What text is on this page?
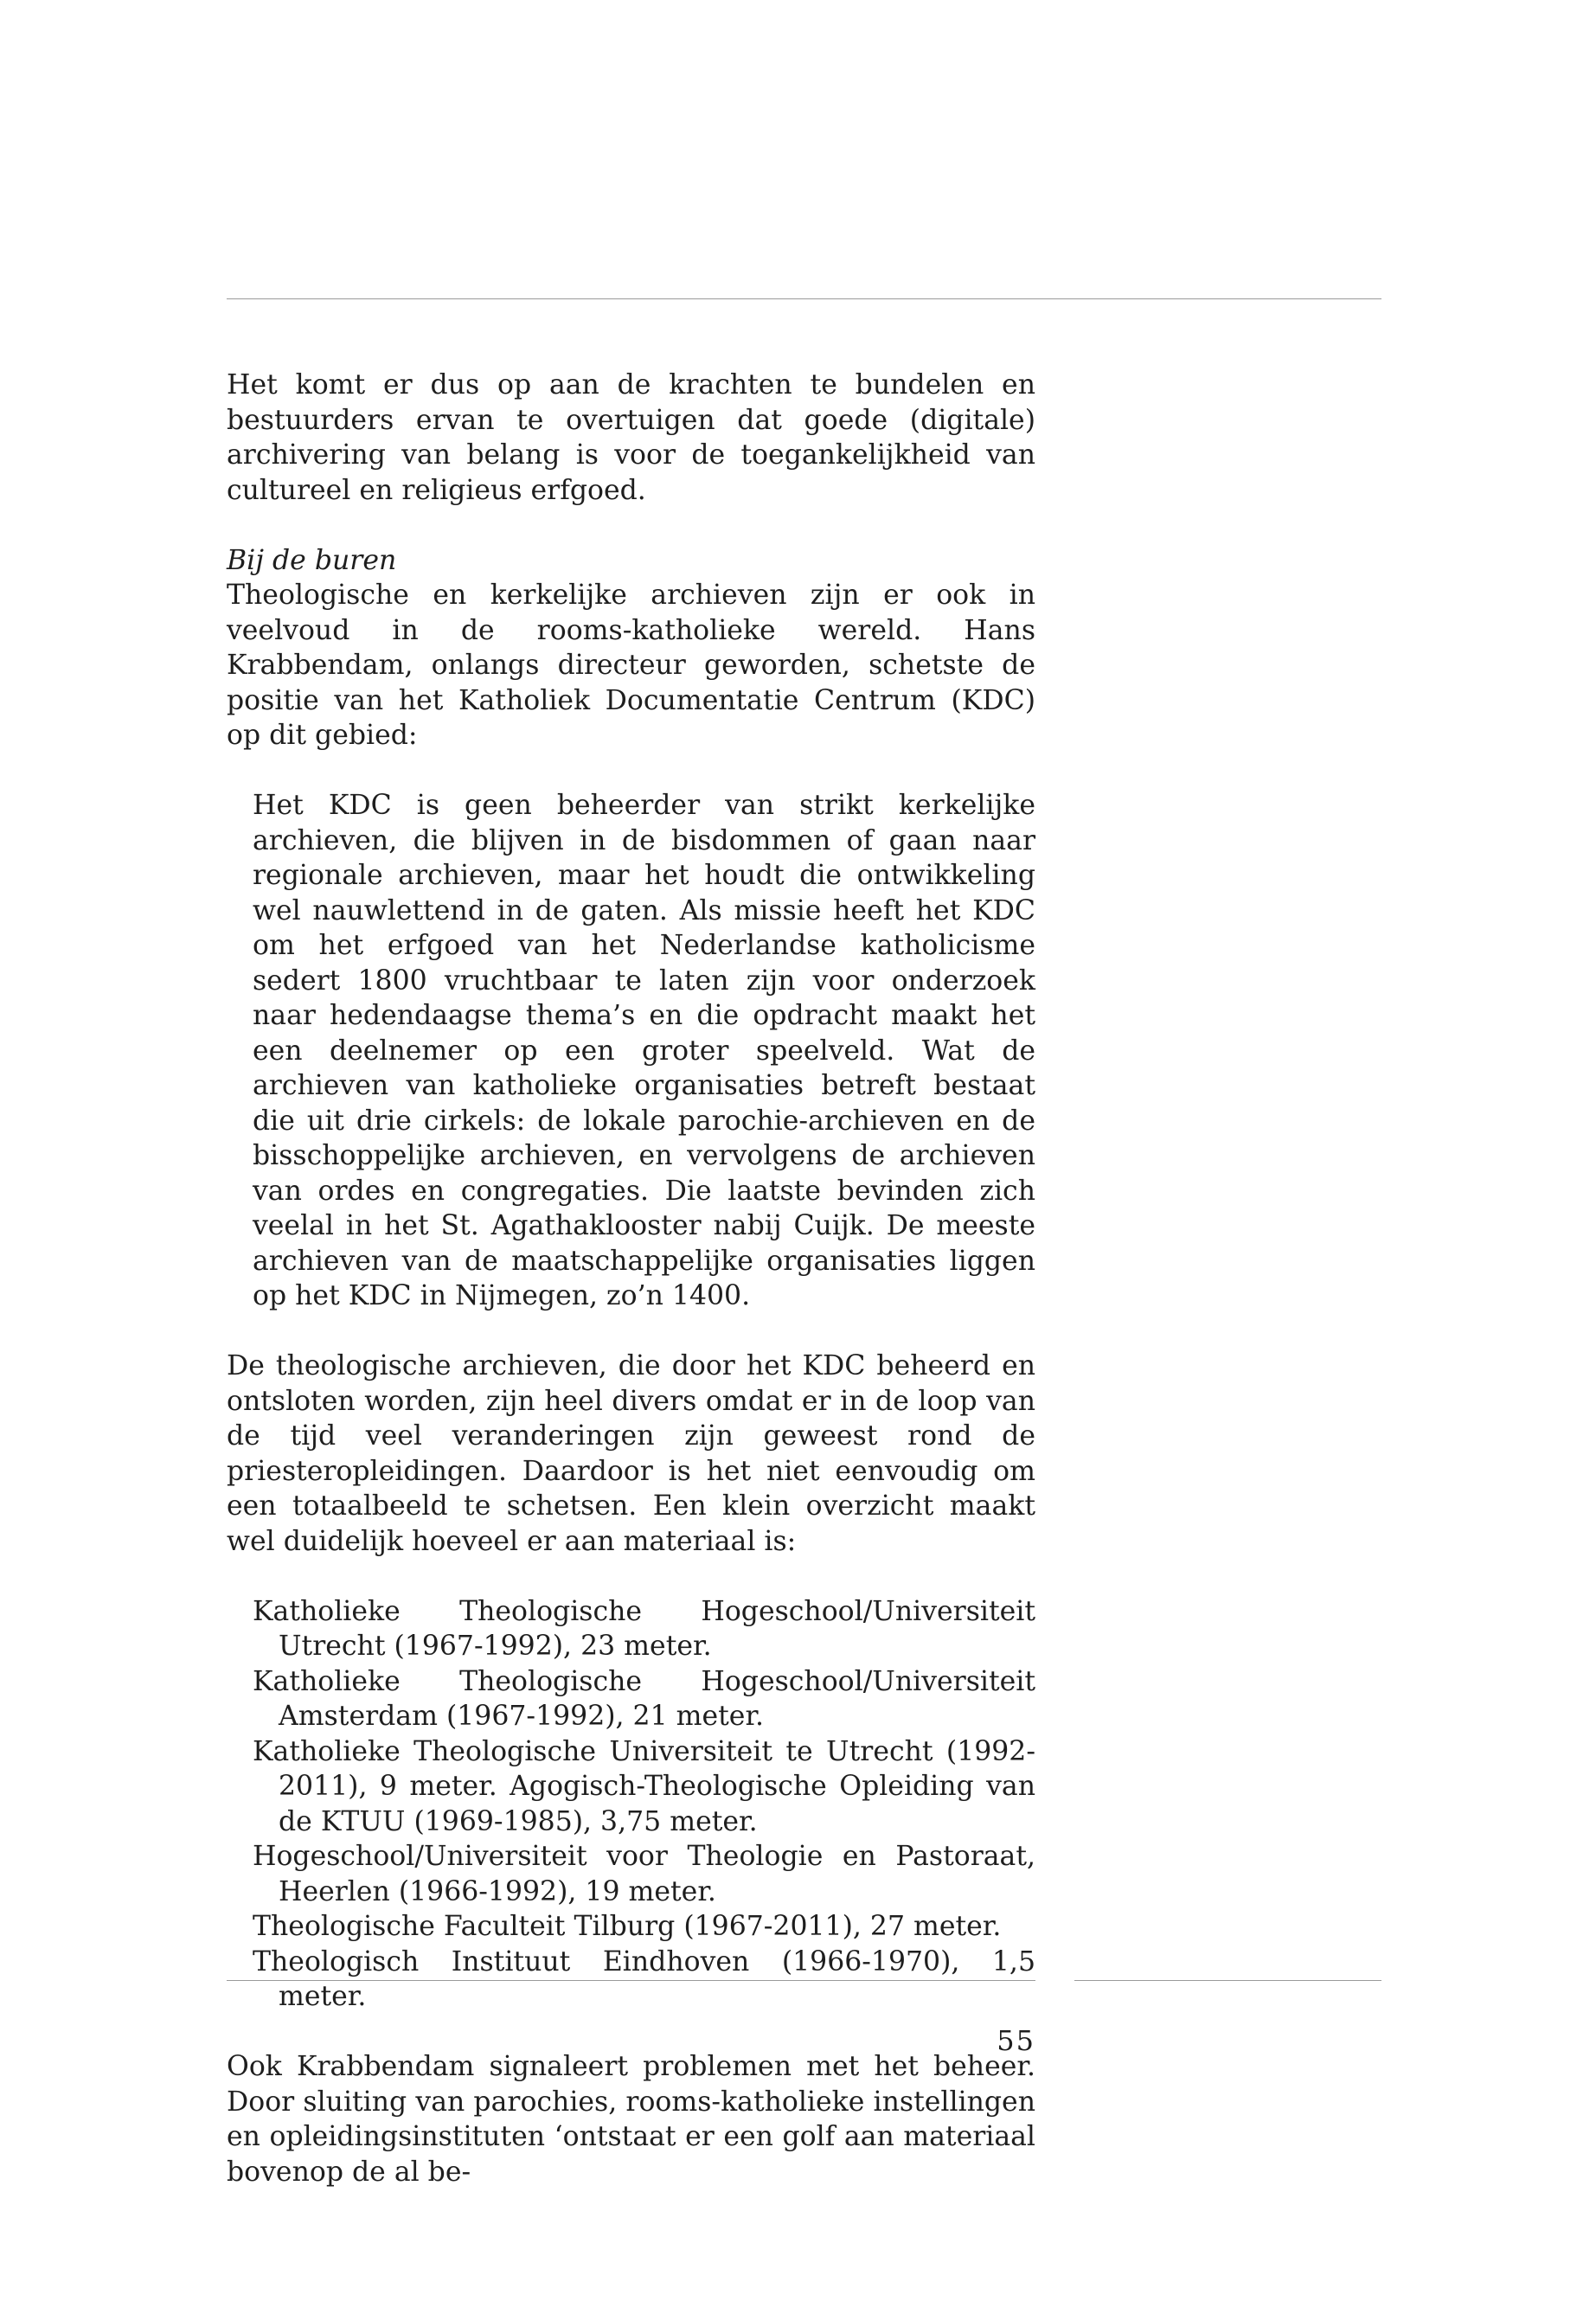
Het komt er dus op aan de krachten te bundelen en bestuurders ervan te overtuigen dat goede (digitale) archivering van belang is voor de toegankelijkheid van cultureel en religieus erfgoed.

Bij de buren

Theologische en kerkelijke archieven zijn er ook in veelvoud in de rooms-katholieke wereld. Hans Krabbendam, onlangs directeur geworden, schetste de positie van het Katholiek Documentatie Centrum (KDC) op dit gebied:

Het KDC is geen beheerder van strikt kerkelijke archieven, die blijven in de bisdommen of gaan naar regionale archieven, maar het houdt die ontwikkeling wel nauwlettend in de gaten. Als missie heeft het KDC om het erfgoed van het Nederlandse katholicisme sedert 1800 vruchtbaar te laten zijn voor onderzoek naar hedendaagse thema’s en die opdracht maakt het een deelnemer op een groter speelveld. Wat de archieven van katholieke organisaties betreft bestaat die uit drie cirkels: de lokale parochie-archieven en de bisschoppelijke archieven, en vervolgens de archieven van ordes en congregaties. Die laatste bevinden zich veelal in het St. Agathaklooster nabij Cuijk. De meeste archieven van de maatschappelijke organisaties liggen op het KDC in Nijmegen, zo’n 1400.

De theologische archieven, die door het KDC beheerd en ontsloten worden, zijn heel divers omdat er in de loop van de tijd veel veranderingen zijn geweest rond de priesteropleidingen. Daardoor is het niet eenvoudig om een totaalbeeld te schetsen. Een klein overzicht maakt wel duidelijk hoeveel er aan materiaal is:

Katholieke Theologische Hogeschool/Universiteit Utrecht (1967-1992), 23 meter.
Katholieke Theologische Hogeschool/Universiteit Amsterdam (1967-1992), 21 meter.
Katholieke Theologische Universiteit te Utrecht (1992-2011), 9 meter. Agogisch-Theologische Opleiding van de KTUU (1969-1985), 3,75 meter.
Hogeschool/Universiteit voor Theologie en Pastoraat, Heerlen (1966-1992), 19 meter.
Theologische Faculteit Tilburg (1967-2011), 27 meter.
Theologisch Instituut Eindhoven (1966-1970), 1,5 meter.

Ook Krabbendam signaleert problemen met het beheer. Door sluiting van parochies, rooms-katholieke instellingen en opleidingsinstituten ‘ontstaat er een golf aan materiaal bovenop de al be-

55
